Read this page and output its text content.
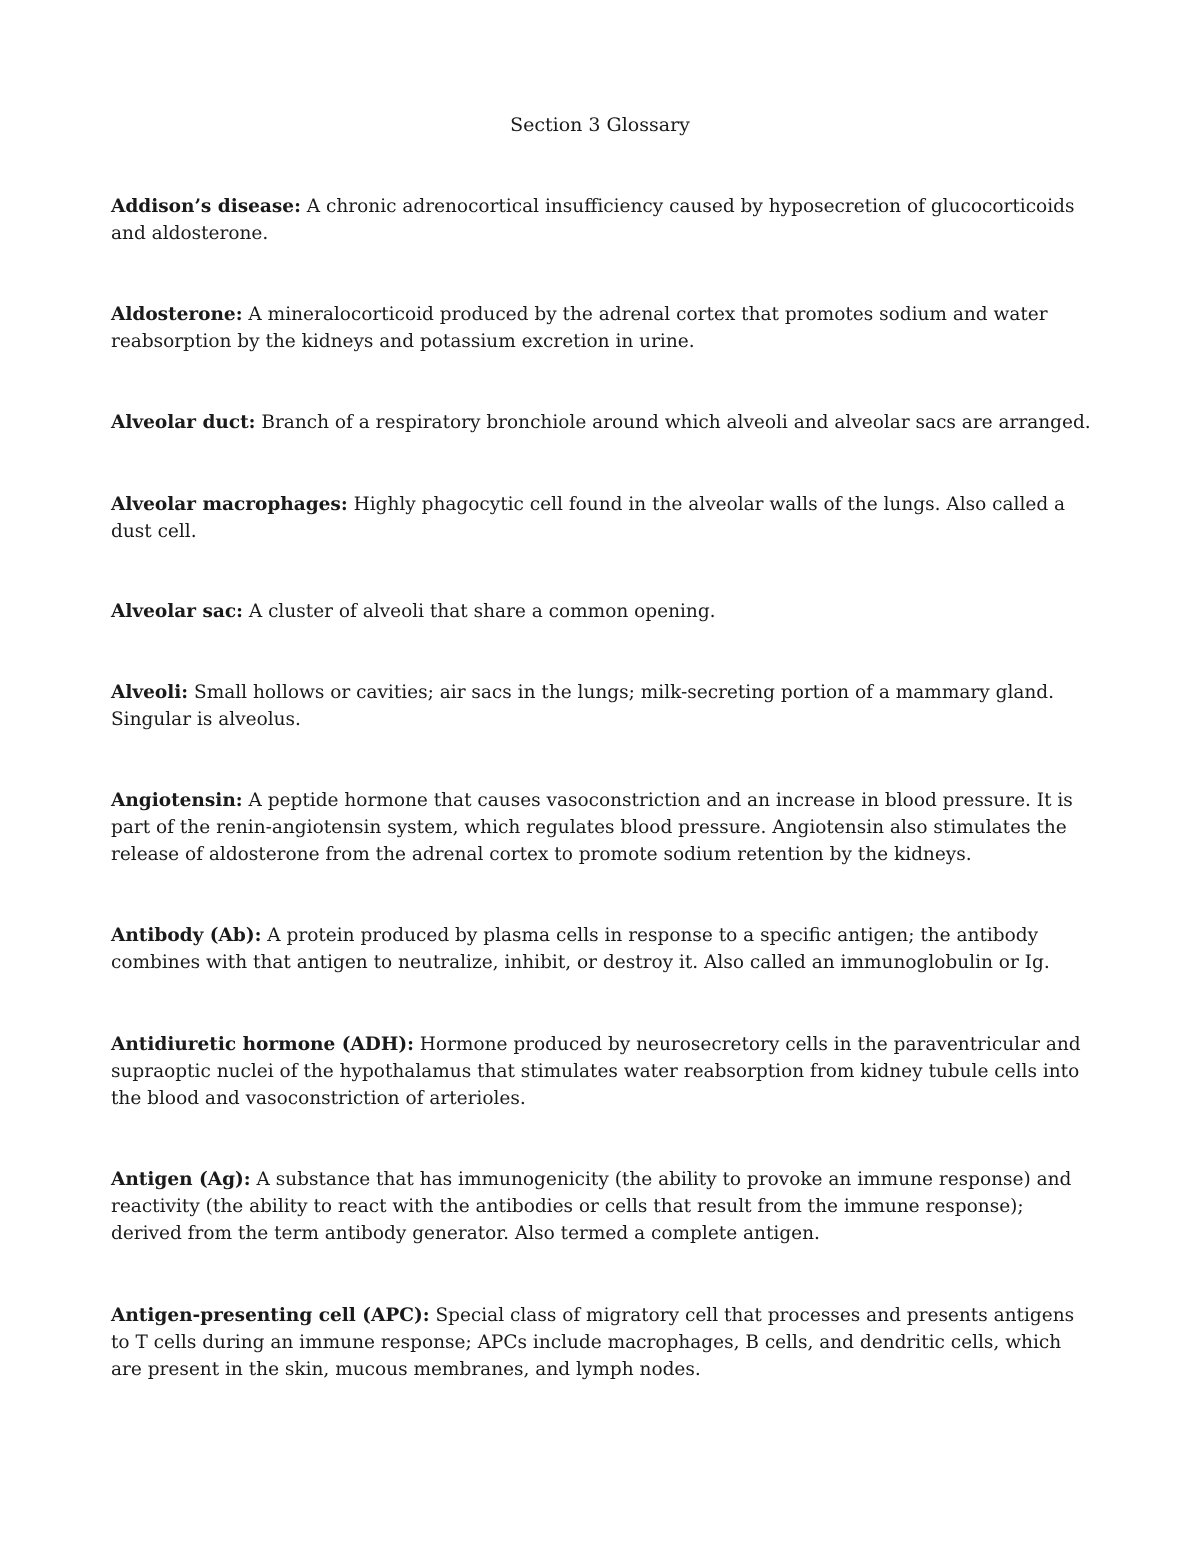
Section 3 Glossary

Addison’s disease: A chronic adrenocortical insufficiency caused by hyposecretion of glucocorticoids and aldosterone.

Aldosterone: A mineralocorticoid produced by the adrenal cortex that promotes sodium and water reabsorption by the kidneys and potassium excretion in urine.

Alveolar duct: Branch of a respiratory bronchiole around which alveoli and alveolar sacs are arranged.

Alveolar macrophages: Highly phagocytic cell found in the alveolar walls of the lungs. Also called a dust cell.

Alveolar sac: A cluster of alveoli that share a common opening.

Alveoli: Small hollows or cavities; air sacs in the lungs; milk-secreting portion of a mammary gland. Singular is alveolus.

Angiotensin: A peptide hormone that causes vasoconstriction and an increase in blood pressure. It is part of the renin-angiotensin system, which regulates blood pressure. Angiotensin also stimulates the release of aldosterone from the adrenal cortex to promote sodium retention by the kidneys.

Antibody (Ab): A protein produced by plasma cells in response to a specific antigen; the antibody combines with that antigen to neutralize, inhibit, or destroy it. Also called an immunoglobulin or Ig.

Antidiuretic hormone (ADH): Hormone produced by neurosecretory cells in the paraventricular and supraoptic nuclei of the hypothalamus that stimulates water reabsorption from kidney tubule cells into the blood and vasoconstriction of arterioles.

Antigen (Ag): A substance that has immunogenicity (the ability to provoke an immune response) and reactivity (the ability to react with the antibodies or cells that result from the immune response); derived from the term antibody generator. Also termed a complete antigen.

Antigen-presenting cell (APC): Special class of migratory cell that processes and presents antigens to T cells during an immune response; APCs include macrophages, B cells, and dendritic cells, which are present in the skin, mucous membranes, and lymph nodes.
